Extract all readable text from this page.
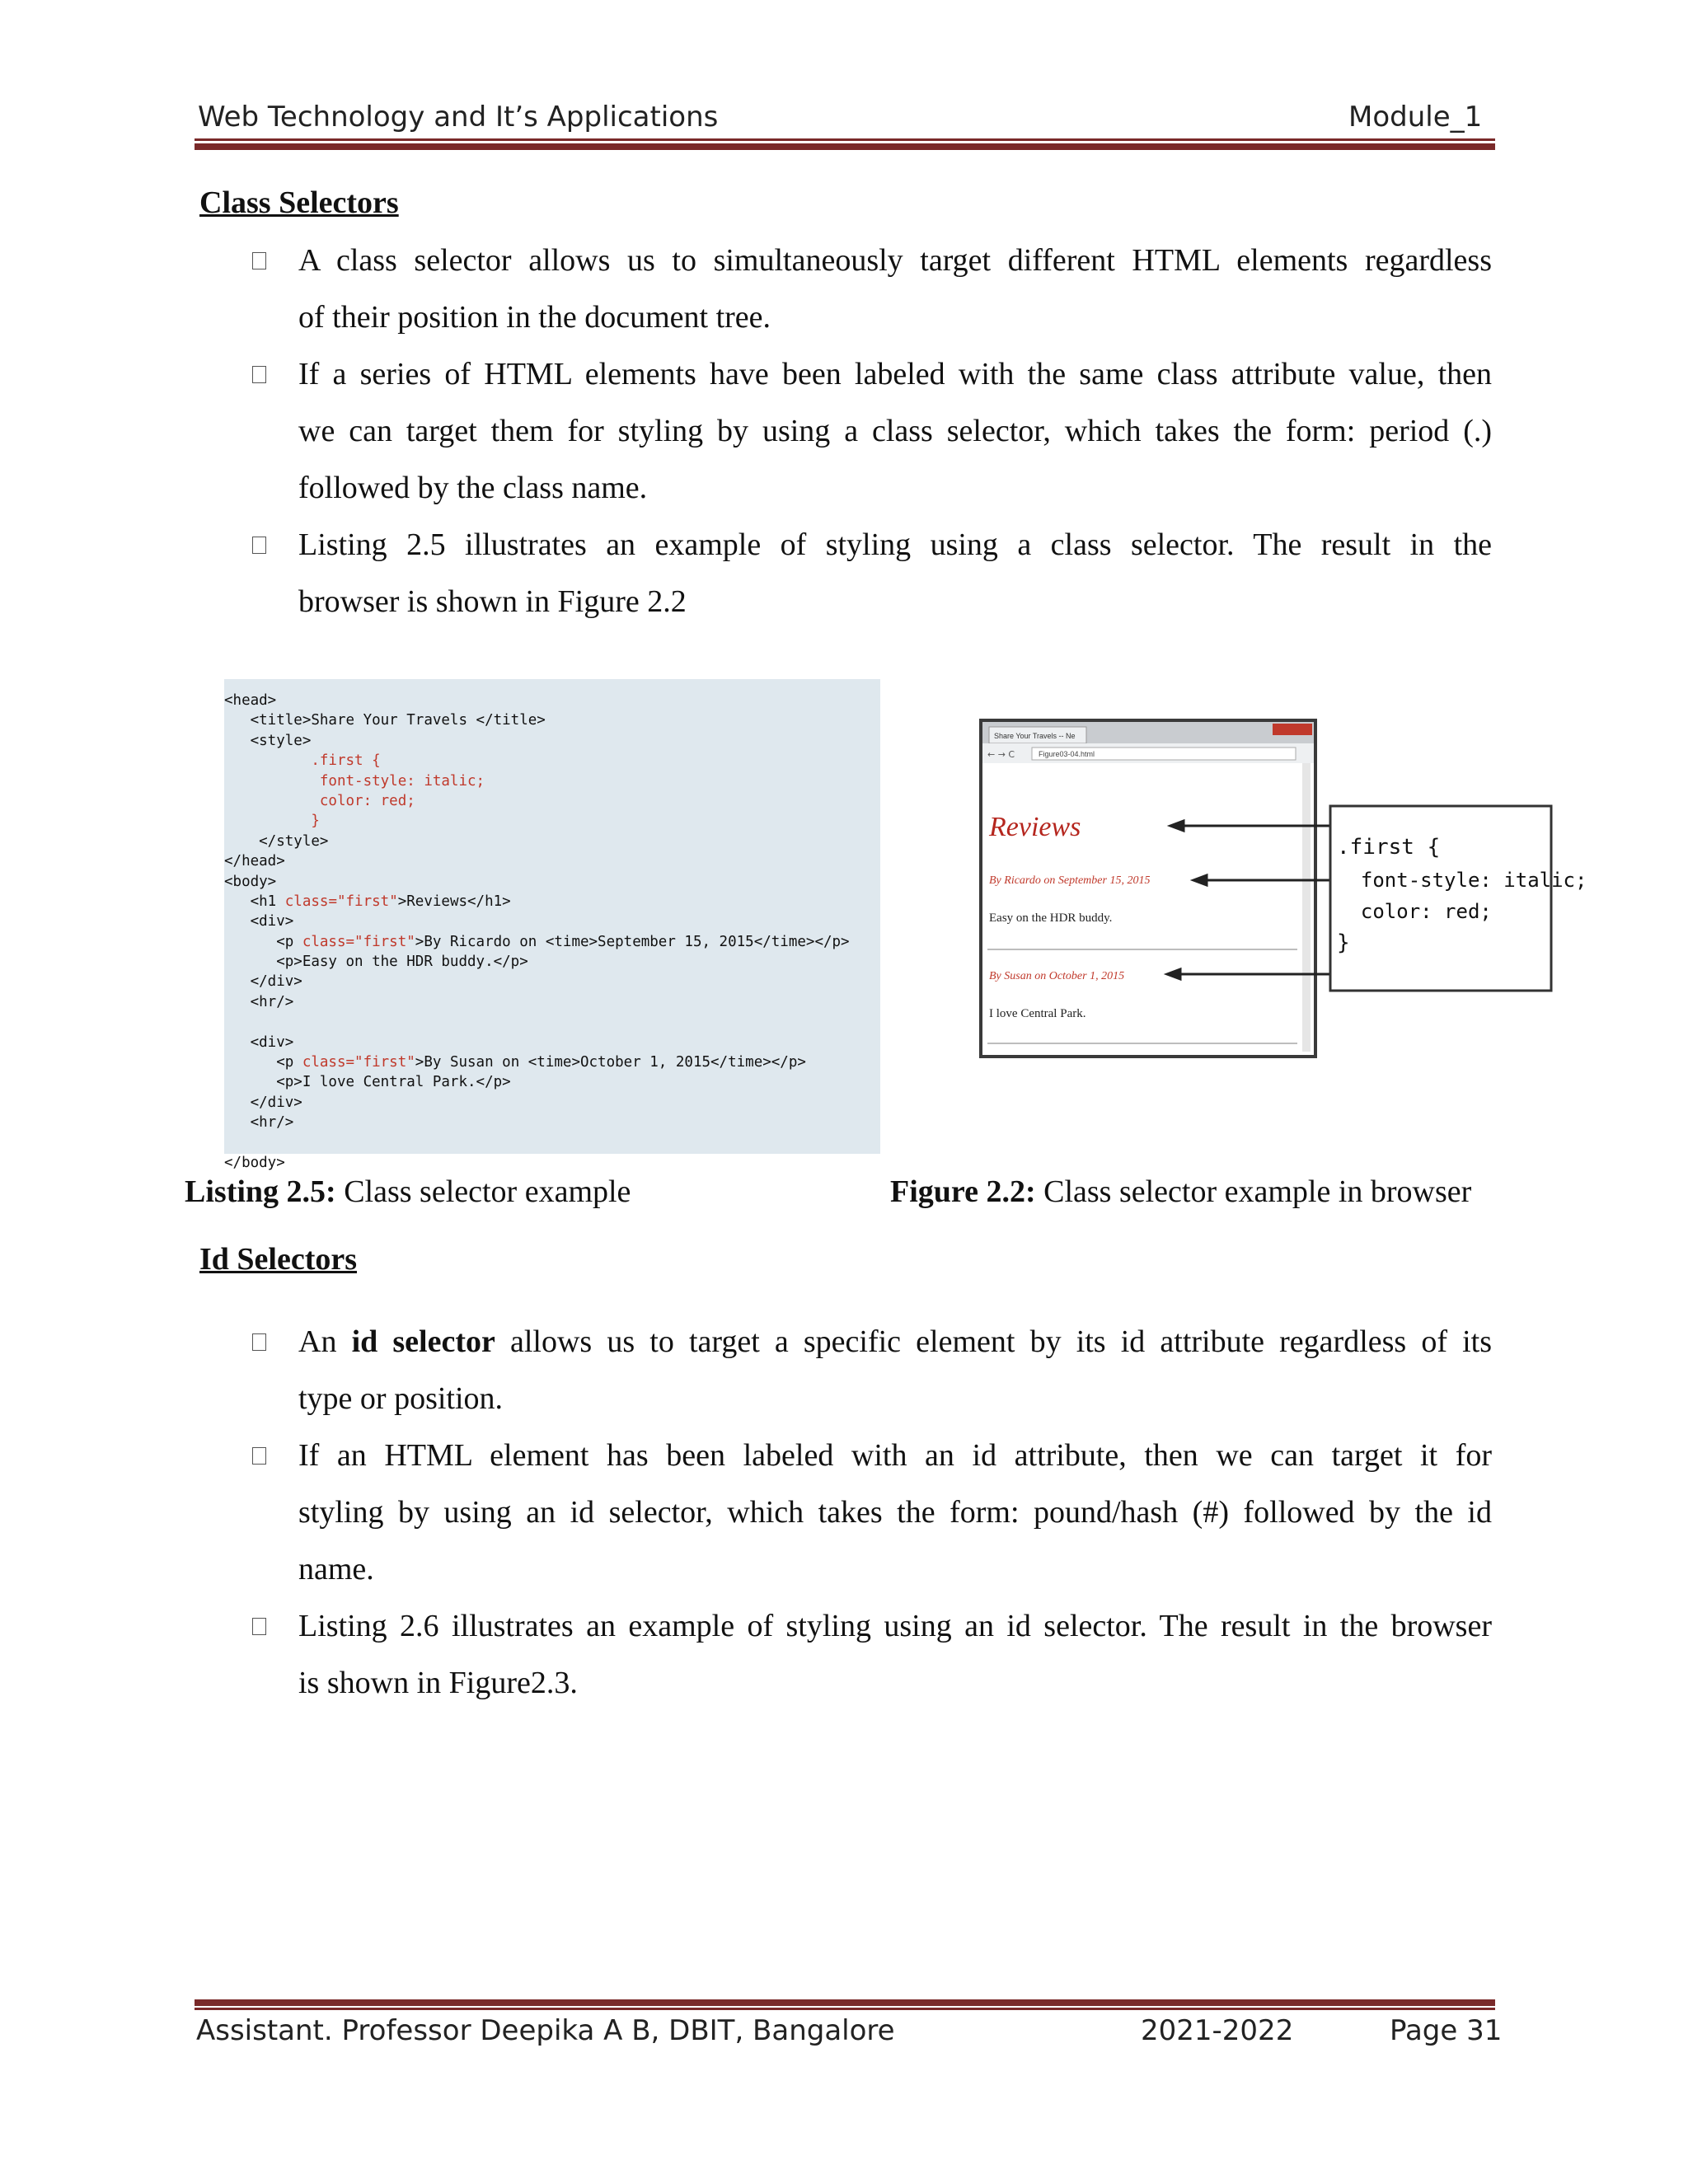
Web Technology and It’s Applications	Module_1
Class Selectors
A class selector allows us to simultaneously target different HTML elements regardless
of their position in the document tree.
If a series of HTML elements have been labeled with the same class attribute value, then
we can target them for styling by using a class selector, which takes the form: period (.)
followed by the class name.
Listing 2.5 illustrates an example of styling using a class selector. The result in the
browser is shown in Figure 2.2
<head>
<title>Share Your Travels </title>
<style>
.first {
font-style: italic;
color: red;
}
</style>
</head>
<body>
<h1 class="first">Reviews</h1>
<div>
<p class="first">By Ricardo on <time>September 15, 2015</time></p>
<p>Easy on the HDR buddy.</p>
</div>
<hr/>
<div>
<p class="first">By Susan on <time>October 1, 2015</time></p>
<p>I love Central Park.</p>
</div>
<hr/>
</body>
Share Your Travels -- Ne
← → C	Figure03-04.html
Reviews
By Ricardo on September 15, 2015
Easy on the HDR buddy.
By Susan on October 1, 2015
I love Central Park.
.first {
font-style: italic;
color: red;
}
Listing 2.5: Class selector example	Figure 2.2: Class selector example in browser
Id Selectors
An id selector allows us to target a specific element by its id attribute regardless of its
type or position.
If an HTML element has been labeled with an id attribute, then we can target it for
styling by using an id selector, which takes the form: pound/hash (#) followed by the id
name.
Listing 2.6 illustrates an example of styling using an id selector. The result in the browser
is shown in Figure2.3.
Assistant. Professor Deepika A B, DBIT, Bangalore	2021-2022	Page 31
